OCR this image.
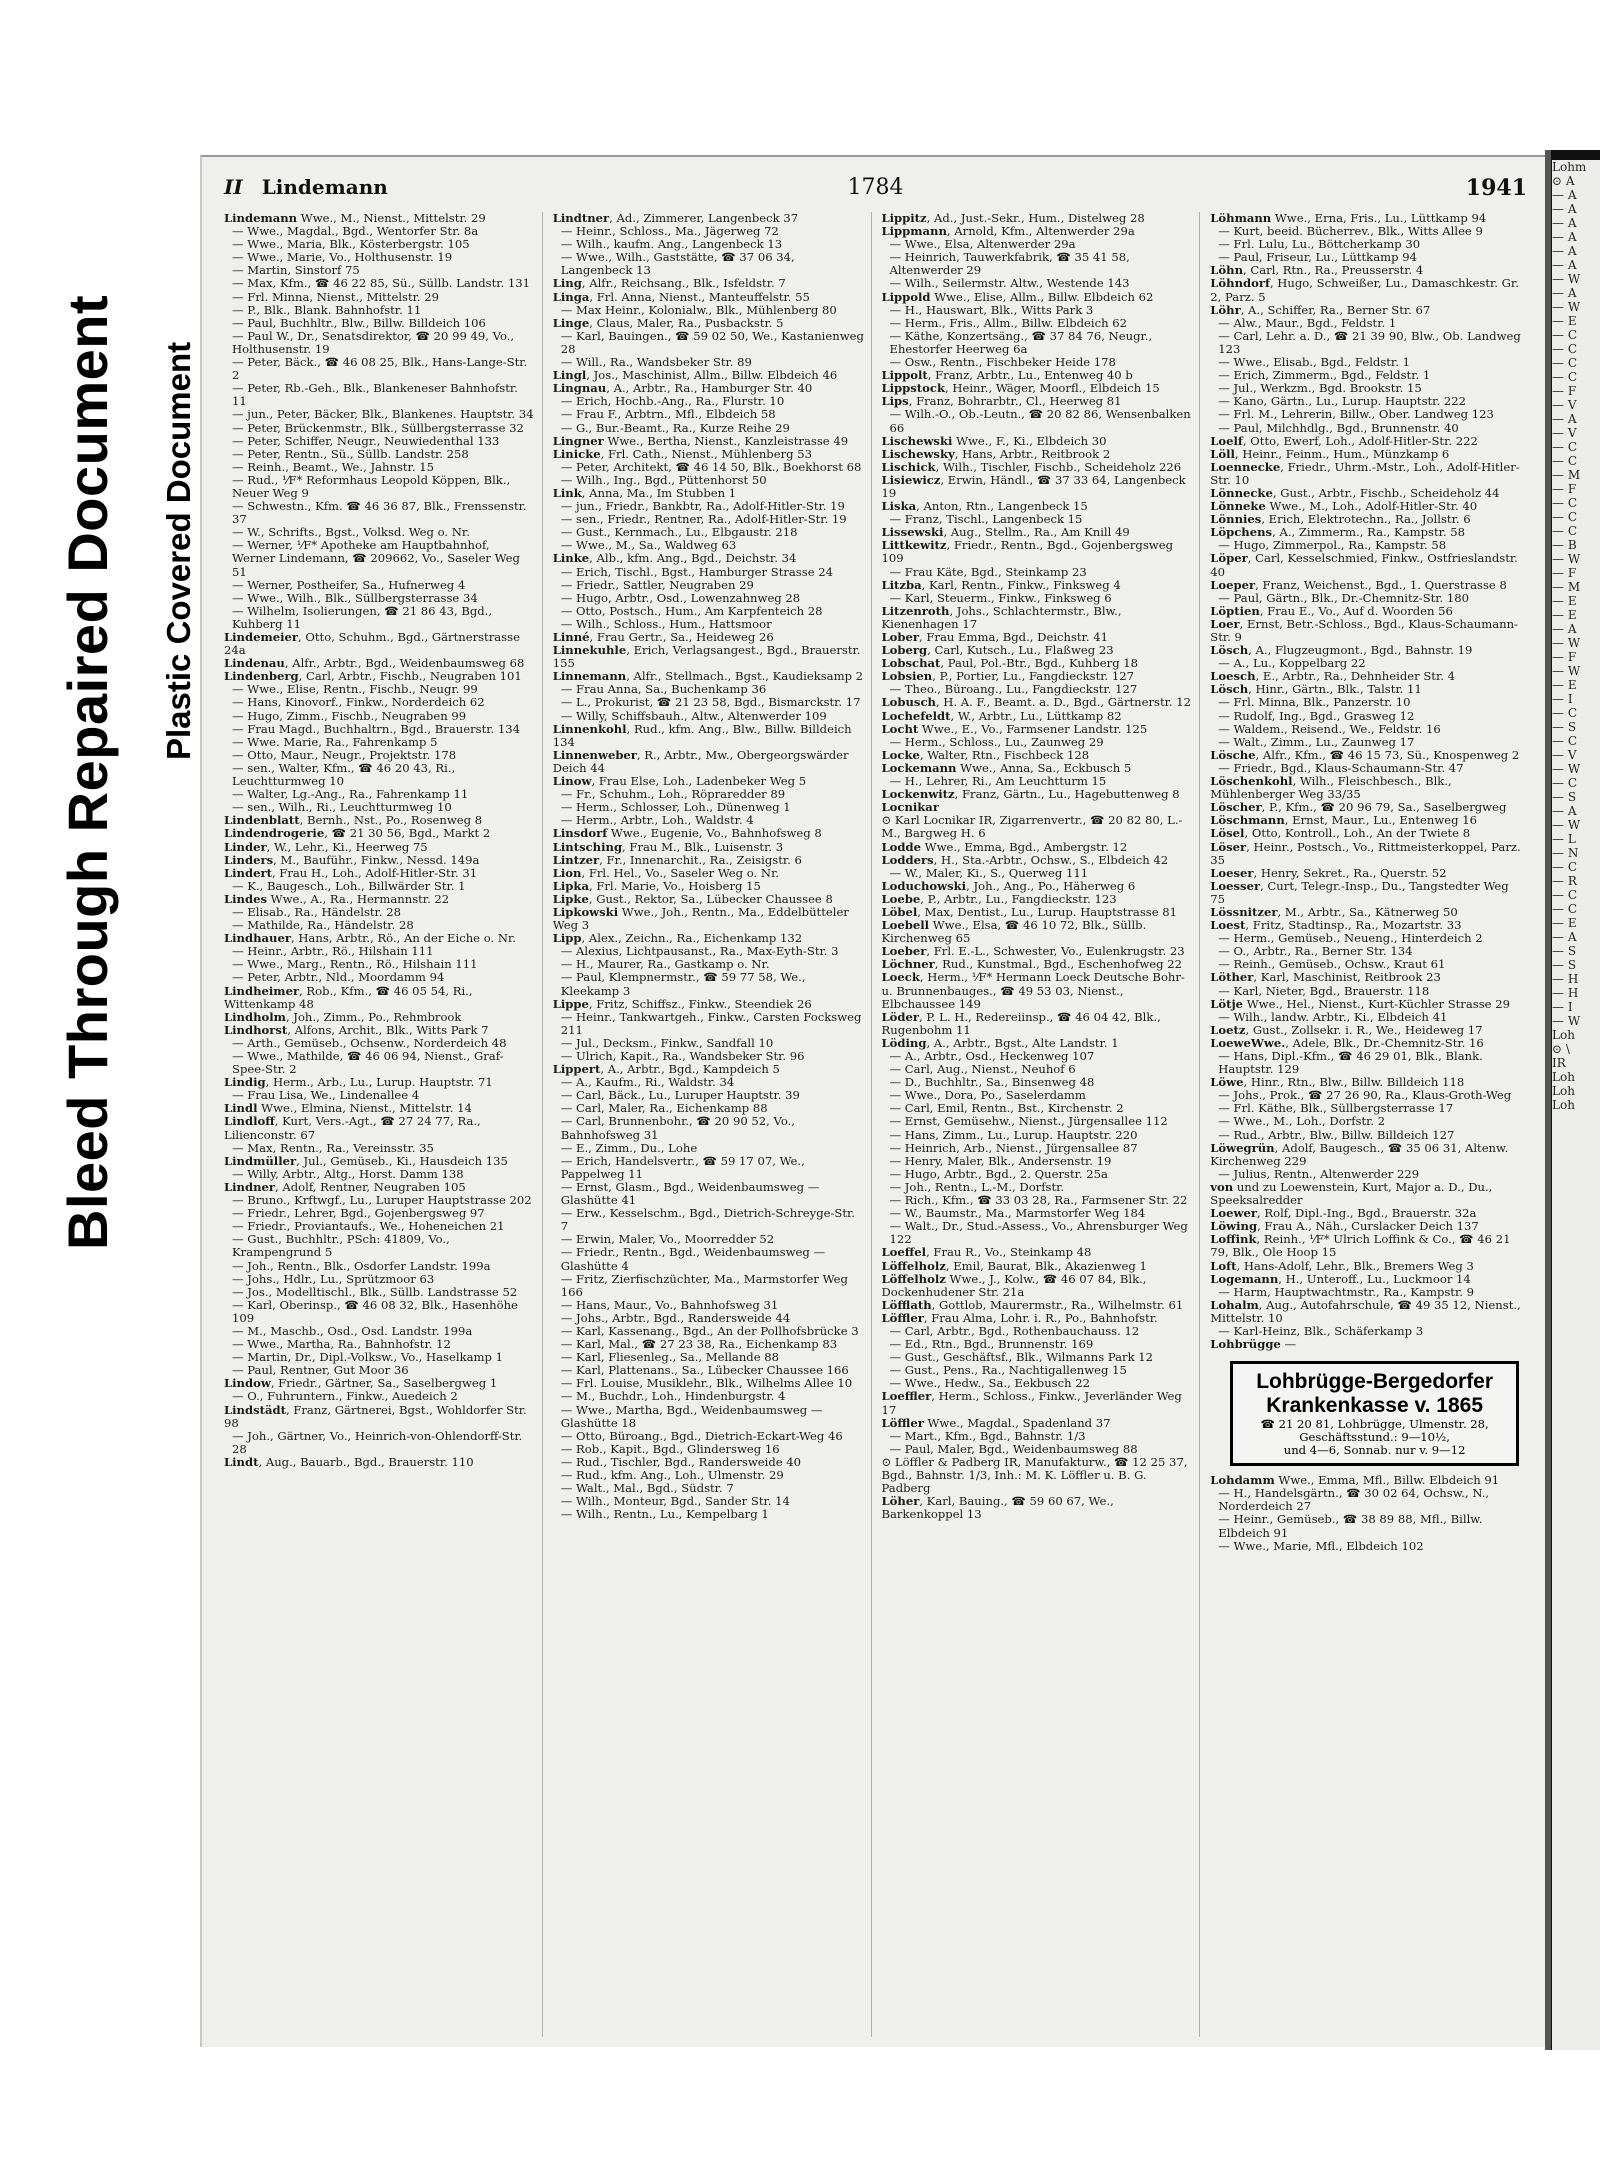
Bleed Through Repaired Document Plastic Covered Document
II Lindemann	1784	1941

Lindemann Wwe., M., Nienst., Mittelstr. 29

— Wwe., Magdal., Bgd., Wentorfer Str. 8a

— Wwe., Maria, Blk., Kösterbergstr. 105

— Wwe., Marie, Vo., Holthusenstr. 19

— Martin, Sinstorf 75

— Max, Kfm., ☎ 46 22 85, Sü., Süllb. Landstr. 131

— Frl. Minna, Nienst., Mittelstr. 29

— P., Blk., Blank. Bahnhofstr. 11

— Paul, Buchhltr., Blw., Billw. Billdeich 106

— Paul W., Dr., Senatsdirektor, ☎ 20 99 49, Vo., Holthusenstr. 19

— Peter, Bäck., ☎ 46 08 25, Blk., Hans-Lange-Str. 2

— Peter, Rb.-Geh., Blk., Blankeneser Bahnhofstr. 11

— jun., Peter, Bäcker, Blk., Blankenes. Hauptstr. 34

— Peter, Brückenmstr., Blk., Süllbergsterrasse 32

— Peter, Schiffer, Neugr., Neuwiedenthal 133

— Peter, Rentn., Sü., Süllb. Landstr. 258

— Reinh., Beamt., We., Jahnstr. 15

— Rud., ⅟F* Reformhaus Leopold Köppen, Blk., Neuer Weg 9

— Schwestn., Kfm. ☎ 46 36 87, Blk., Frenssenstr. 37

— W., Schrifts., Bgst., Volksd. Weg o. Nr.

— Werner, ⅟F* Apotheke am Hauptbahnhof, Werner Lindemann, ☎ 209662, Vo., Saseler Weg 51

— Werner, Postheifer, Sa., Hufnerweg 4

— Wwe., Wilh., Blk., Süllbergsterrasse 34

— Wilhelm, Isolierungen, ☎ 21 86 43, Bgd., Kuhberg 11

Lindemeier, Otto, Schuhm., Bgd., Gärtnerstrasse 24a

Lindenau, Alfr., Arbtr., Bgd., Weidenbaumsweg 68

Lindenberg, Carl, Arbtr., Fischb., Neugraben 101

— Wwe., Elise, Rentn., Fischb., Neugr. 99

— Hans, Kinovorf., Finkw., Norderdeich 62

— Hugo, Zimm., Fischb., Neugraben 99

— Frau Magd., Buchhaltrn., Bgd., Brauerstr. 134

— Wwe. Marie, Ra., Fahrenkamp 5

— Otto, Maur., Neugr., Projektstr. 178

— sen., Walter, Kfm., ☎ 46 20 43, Ri., Leuchtturmweg 10

— Walter, Lg.-Ang., Ra., Fahrenkamp 11

— sen., Wilh., Ri., Leuchtturmweg 10

Lindenblatt, Bernh., Nst., Po., Rosenweg 8

Lindendrogerie, ☎ 21 30 56, Bgd., Markt 2

Linder, W., Lehr., Ki., Heerweg 75

Linders, M., Bauführ., Finkw., Nessd. 149a

Lindert, Frau H., Loh., Adolf-Hitler-Str. 31

— K., Baugesch., Loh., Billwärder Str. 1

Lindes Wwe., A., Ra., Hermannstr. 22

— Elisab., Ra., Händelstr. 28

— Mathilde, Ra., Händelstr. 28

Lindhauer, Hans, Arbtr., Rö., An der Eiche o. Nr.

— Heinr., Arbtr., Rö., Hilshain 111

— Wwe., Marg., Rentn., Rö., Hilshain 111

— Peter, Arbtr., Nld., Moordamm 94

Lindheimer, Rob., Kfm., ☎ 46 05 54, Ri., Wittenkamp 48

Lindholm, Joh., Zimm., Po., Rehmbrook

Lindhorst, Alfons, Archit., Blk., Witts Park 7

— Arth., Gemüseb., Ochsenw., Norderdeich 48

— Wwe., Mathilde, ☎ 46 06 94, Nienst., Graf-Spee-Str. 2

Lindig, Herm., Arb., Lu., Lurup. Hauptstr. 71

— Frau Lisa, We., Lindenallee 4

Lindl Wwe., Elmina, Nienst., Mittelstr. 14

Lindloff, Kurt, Vers.-Agt., ☎ 27 24 77, Ra., Lilienconstr. 67

— Max, Rentn., Ra., Vereinsstr. 35

Lindmüller, Jul., Gemüseb., Ki., Hausdeich 135

— Willy, Arbtr., Altg., Horst. Damm 138

Lindner, Adolf, Rentner, Neugraben 105

— Bruno., Krftwgf., Lu., Luruper Hauptstrasse 202

— Friedr., Lehrer, Bgd., Gojenbergsweg 97

— Friedr., Proviantaufs., We., Hoheneichen 21

— Gust., Buchhltr., PSch: 41809, Vo., Krampengrund 5

— Joh., Rentn., Blk., Osdorfer Landstr. 199a

— Johs., Hdlr., Lu., Sprützmoor 63

— Jos., Modelltischl., Blk., Süllb. Landstrasse 52

— Karl, Oberinsp., ☎ 46 08 32, Blk., Hasenhöhe 109

— M., Maschb., Osd., Osd. Landstr. 199a

— Wwe., Martha, Ra., Bahnhofstr. 12

— Martin, Dr., Dipl.-Volksw., Vo., Haselkamp 1

— Paul, Rentner, Gut Moor 36

Lindow, Friedr., Gärtner, Sa., Saselbergweg 1

— O., Fuhruntern., Finkw., Auedeich 2

Lindstädt, Franz, Gärtnerei, Bgst., Wohldorfer Str. 98

— Joh., Gärtner, Vo., Heinrich-von-Ohlendorff-Str. 28

Lindt, Aug., Bauarb., Bgd., Brauerstr. 110

Lindtner, Ad., Zimmerer, Langenbeck 37

— Heinr., Schloss., Ma., Jägerweg 72

— Wilh., kaufm. Ang., Langenbeck 13

— Wwe., Wilh., Gaststätte, ☎ 37 06 34, Langenbeck 13

Ling, Alfr., Reichsang., Blk., Isfeldstr. 7

Linga, Frl. Anna, Nienst., Manteuffelstr. 55

— Max Heinr., Kolonialw., Blk., Mühlenberg 80

Linge, Claus, Maler, Ra., Pusbackstr. 5

— Karl, Bauingen., ☎ 59 02 50, We., Kastanienweg 28

— Will., Ra., Wandsbeker Str. 89

Lingl, Jos., Maschinist, Allm., Billw. Elbdeich 46

Lingnau, A., Arbtr., Ra., Hamburger Str. 40

— Erich, Hochb.-Ang., Ra., Flurstr. 10

— Frau F., Arbtrn., Mfl., Elbdeich 58

— G., Bur.-Beamt., Ra., Kurze Reihe 29

Lingner Wwe., Bertha, Nienst., Kanzleistrasse 49

Linicke, Frl. Cath., Nienst., Mühlenberg 53

— Peter, Architekt, ☎ 46 14 50, Blk., Boekhorst 68

— Wilh., Ing., Bgd., Püttenhorst 50

Link, Anna, Ma., Im Stubben 1

— jun., Friedr., Bankbtr, Ra., Adolf-Hitler-Str. 19

— sen., Friedr., Rentner, Ra., Adolf-Hitler-Str. 19

— Gust., Kernmach., Lu., Elbgaustr. 218

— Wwe., M., Sa., Waldweg 63

Linke, Alb., kfm. Ang., Bgd., Deichstr. 34

— Erich, Tischl., Bgst., Hamburger Strasse 24

— Friedr., Sattler, Neugraben 29

— Hugo, Arbtr., Osd., Lowenzahnweg 28

— Otto, Postsch., Hum., Am Karpfenteich 28

— Wilh., Schloss., Hum., Hattsmoor

Linné, Frau Gertr., Sa., Heideweg 26

Linnekuhle, Erich, Verlagsangest., Bgd., Brauerstr. 155

Linnemann, Alfr., Stellmach., Bgst., Kaudieksamp 2

— Frau Anna, Sa., Buchenkamp 36

— L., Prokurist, ☎ 21 23 58, Bgd., Bismarckstr. 17

— Willy, Schiffsbauh., Altw., Altenwerder 109

Linnenkohl, Rud., kfm. Ang., Blw., Billw. Billdeich 134

Linnenweber, R., Arbtr., Mw., Obergeorgswärder Deich 44

Linow, Frau Else, Loh., Ladenbeker Weg 5

— Fr., Schuhm., Loh., Röpraredder 89

— Herm., Schlosser, Loh., Dünenweg 1

— Herm., Arbtr., Loh., Waldstr. 4

Linsdorf Wwe., Eugenie, Vo., Bahnhofsweg 8

Lintsching, Frau M., Blk., Luisenstr. 3

Lintzer, Fr., Innenarchit., Ra., Zeisigstr. 6

Lion, Frl. Hel., Vo., Saseler Weg o. Nr.

Lipka, Frl. Marie, Vo., Hoisberg 15

Lipke, Gust., Rektor, Sa., Lübecker Chaussee 8

Lipkowski Wwe., Joh., Rentn., Ma., Eddelbütteler Weg 3

Lipp, Alex., Zeichn., Ra., Eichenkamp 132

— Alexius, Lichtpausanst., Ra., Max-Eyth-Str. 3

— H., Maurer, Ra., Gastkamp o. Nr.

— Paul, Klempnermstr., ☎ 59 77 58, We., Kleekamp 3

Lippe, Fritz, Schiffsz., Finkw., Steendiek 26

— Heinr., Tankwartgeh., Finkw., Carsten Focksweg 211

— Jul., Decksm., Finkw., Sandfall 10

— Ulrich, Kapit., Ra., Wandsbeker Str. 96

Lippert, A., Arbtr., Bgd., Kampdeich 5

— A., Kaufm., Ri., Waldstr. 34

— Carl, Bäck., Lu., Luruper Hauptstr. 39

— Carl, Maler, Ra., Eichenkamp 88

— Carl, Brunnenbohr., ☎ 20 90 52, Vo., Bahnhofsweg 31

— E., Zimm., Du., Lohe

— Erich, Handelsvertr., ☎ 59 17 07, We., Pappelweg 11

— Ernst, Glasm., Bgd., Weidenbaumsweg — Glashütte 41

— Erw., Kesselschm., Bgd., Dietrich-Schreyge-Str. 7

— Erwin, Maler, Vo., Moorredder 52

— Friedr., Rentn., Bgd., Weidenbaumsweg — Glashütte 4

— Fritz, Zierfischzüchter, Ma., Marmstorfer Weg 166

— Hans, Maur., Vo., Bahnhofsweg 31

— Johs., Arbtr., Bgd., Randersweide 44

— Karl, Kassenang., Bgd., An der Pollhofsbrücke 3

— Karl, Mal., ☎ 27 23 38, Ra., Eichenkamp 83

— Karl, Fliesenleg., Sa., Mellande 88

— Karl, Plattenans., Sa., Lübecker Chaussee 166

— Frl. Louise, Musiklehr., Blk., Wilhelms Allee 10

— M., Buchdr., Loh., Hindenburgstr. 4

— Wwe., Martha, Bgd., Weidenbaumsweg — Glashütte 18

— Otto, Büroang., Bgd., Dietrich-Eckart-Weg 46

— Rob., Kapit., Bgd., Glindersweg 16

— Rud., Tischler, Bgd., Randersweide 40

— Rud., kfm. Ang., Loh., Ulmenstr. 29

— Walt., Mal., Bgd., Südstr. 7

— Wilh., Monteur, Bgd., Sander Str. 14

— Wilh., Rentn., Lu., Kempelbarg 1

Lippitz, Ad., Just.-Sekr., Hum., Distelweg 28

Lippmann, Arnold, Kfm., Altenwerder 29a

— Wwe., Elsa, Altenwerder 29a

— Heinrich, Tauwerkfabrik, ☎ 35 41 58, Altenwerder 29

— Wilh., Seilermstr. Altw., Westende 143

Lippold Wwe., Elise, Allm., Billw. Elbdeich 62

— H., Hauswart, Blk., Witts Park 3

— Herm., Fris., Allm., Billw. Elbdeich 62

— Käthe, Konzertsäng., ☎ 37 84 76, Neugr., Ehestorfer Heerweg 6a

— Osw., Rentn., Fischbeker Heide 178

Lippolt, Franz, Arbtr., Lu., Entenweg 40 b

Lippstock, Heinr., Wäger, Moorfl., Elbdeich 15

Lips, Franz, Bohrarbtr., Cl., Heerweg 81

— Wilh.-O., Ob.-Leutn., ☎ 20 82 86, Wensenbalken 66

Lischewski Wwe., F., Ki., Elbdeich 30

Lischewsky, Hans, Arbtr., Reitbrook 2

Lischick, Wilh., Tischler, Fischb., Scheideholz 226

Lisiewicz, Erwin, Händl., ☎ 37 33 64, Langenbeck 19

Liska, Anton, Rtn., Langenbeck 15

— Franz, Tischl., Langenbeck 15

Lissewski, Aug., Stellm., Ra., Am Knill 49

Littkewitz, Friedr., Rentn., Bgd., Gojenbergsweg 109

— Frau Käte, Bgd., Steinkamp 23

Litzba, Karl, Rentn., Finkw., Finksweg 4

— Karl, Steuerm., Finkw., Finksweg 6

Litzenroth, Johs., Schlachtermstr., Blw., Kienenhagen 17

Lober, Frau Emma, Bgd., Deichstr. 41

Loberg, Carl, Kutsch., Lu., Flaßweg 23

Lobschat, Paul, Pol.-Btr., Bgd., Kuhberg 18

Lobsien, P., Portier, Lu., Fangdieckstr. 127

— Theo., Büroang., Lu., Fangdieckstr. 127

Lobusch, H. A. F., Beamt. a. D., Bgd., Gärtnerstr. 12

Lochefeldt, W., Arbtr., Lu., Lüttkamp 82

Locht Wwe., E., Vo., Farmsener Landstr. 125

— Herm., Schloss., Lu., Zaunweg 29

Locke, Walter, Rtn., Fischbeck 128

Lockemann Wwe., Anna, Sa., Eckbusch 5

— H., Lehrer, Ri., Am Leuchtturm 15

Lockenwitz, Franz, Gärtn., Lu., Hagebuttenweg 8

Locnikar

⊙ Karl Locnikar IR, Zigarrenvertr., ☎ 20 82 80, L.-M., Bargweg H. 6

Lodde Wwe., Emma, Bgd., Ambergstr. 12

Lodders, H., Sta.-Arbtr., Ochsw., S., Elbdeich 42

— W., Maler, Ki., S., Querweg 111

Loduchowski, Joh., Ang., Po., Häherweg 6

Loebe, P., Arbtr., Lu., Fangdieckstr. 123

Löbel, Max, Dentist., Lu., Lurup. Hauptstrasse 81

Loebell Wwe., Elsa, ☎ 46 10 72, Blk., Süllb. Kirchenweg 65

Loeber, Frl. E.-L., Schwester, Vo., Eulenkrugstr. 23

Löchner, Rud., Kunstmal., Bgd., Eschenhofweg 22

Loeck, Herm., ⅟F* Hermann Loeck Deutsche Bohr- u. Brunnenbauges., ☎ 49 53 03, Nienst., Elbchaussee 149

Löder, P. L. H., Redereiinsp., ☎ 46 04 42, Blk., Rugenbohm 11

Löding, A., Arbtr., Bgst., Alte Landstr. 1

— A., Arbtr., Osd., Heckenweg 107

— Carl, Aug., Nienst., Neuhof 6

— D., Buchhltr., Sa., Binsenweg 48

— Wwe., Dora, Po., Saselerdamm

— Carl, Emil, Rentn., Bst., Kirchenstr. 2

— Ernst, Gemüsehw., Nienst., Jürgensallee 112

— Hans, Zimm., Lu., Lurup. Hauptstr. 220

— Heinrich, Arb., Nienst., Jürgensallee 87

— Henry, Maler, Blk., Andersenstr. 19

— Hugo, Arbtr., Bgd., 2. Querstr. 25a

— Joh., Rentn., L.-M., Dorfstr.

— Rich., Kfm., ☎ 33 03 28, Ra., Farmsener Str. 22

— W., Baumstr., Ma., Marmstorfer Weg 184

— Walt., Dr., Stud.-Assess., Vo., Ahrensburger Weg 122

Loeffel, Frau R., Vo., Steinkamp 48

Löffelholz, Emil, Baurat, Blk., Akazienweg 1

Löffelholz Wwe., J., Kolw., ☎ 46 07 84, Blk., Dockenhudener Str. 21a

Löfflath, Gottlob, Maurermstr., Ra., Wilhelmstr. 61

Löffler, Frau Alma, Lohr. i. R., Po., Bahnhofstr.

— Carl, Arbtr., Bgd., Rothenbauchauss. 12

— Ed., Rtn., Bgd., Brunnenstr. 169

— Gust., Geschäftsf., Blk., Wilmanns Park 12

— Gust., Pens., Ra., Nachtigallenweg 15

— Wwe., Hedw., Sa., Eekbusch 22

Loeffler, Herm., Schloss., Finkw., Jeverländer Weg 17

Löffler Wwe., Magdal., Spadenland 37

— Mart., Kfm., Bgd., Bahnstr. 1/3

— Paul, Maler, Bgd., Weidenbaumsweg 88

⊙ Löffler & Padberg IR, Manufakturw., ☎ 12 25 37, Bgd., Bahnstr. 1/3, Inh.: M. K. Löffler u. B. G. Padberg

Löher, Karl, Bauing., ☎ 59 60 67, We., Barkenkoppel 13

Löhmann Wwe., Erna, Fris., Lu., Lüttkamp 94

— Kurt, beeid. Bücherrev., Blk., Witts Allee 9

— Frl. Lulu, Lu., Böttcherkamp 30

— Paul, Friseur, Lu., Lüttkamp 94

Löhn, Carl, Rtn., Ra., Preusserstr. 4

Löhndorf, Hugo, Schweißer, Lu., Damaschkestr. Gr. 2, Parz. 5

Löhr, A., Schiffer, Ra., Berner Str. 67

— Alw., Maur., Bgd., Feldstr. 1

— Carl, Lehr. a. D., ☎ 21 39 90, Blw., Ob. Landweg 123

— Wwe., Elisab., Bgd., Feldstr. 1

— Erich, Zimmerm., Bgd., Feldstr. 1

— Jul., Werkzm., Bgd. Brookstr. 15

— Kano, Gärtn., Lu., Lurup. Hauptstr. 222

— Frl. M., Lehrerin, Billw., Ober. Landweg 123

— Paul, Milchhdlg., Bgd., Brunnenstr. 40

Loelf, Otto, Ewerf, Loh., Adolf-Hitler-Str. 222

Löll, Heinr., Feinm., Hum., Münzkamp 6

Loennecke, Friedr., Uhrm.-Mstr., Loh., Adolf-Hitler-Str. 10

Lönnecke, Gust., Arbtr., Fischb., Scheideholz 44

Lönneke Wwe., M., Loh., Adolf-Hitler-Str. 40

Lönnies, Erich, Elektrotechn., Ra., Jollstr. 6

Löpchens, A., Zimmerm., Ra., Kampstr. 58

— Hugo, Zimmerpol., Ra., Kampstr. 58

Löper, Carl, Kesselschmied, Finkw., Ostfrieslandstr. 40

Loeper, Franz, Weichenst., Bgd., 1. Querstrasse 8

— Paul, Gärtn., Blk., Dr.-Chemnitz-Str. 180

Löptien, Frau E., Vo., Auf d. Woorden 56

Loer, Ernst, Betr.-Schloss., Bgd., Klaus-Schaumann-Str. 9

Lösch, A., Flugzeugmont., Bgd., Bahnstr. 19

— A., Lu., Koppelbarg 22

Loesch, E., Arbtr., Ra., Dehnheider Str. 4

Lösch, Hinr., Gärtn., Blk., Talstr. 11

— Frl. Minna, Blk., Panzerstr. 10

— Rudolf, Ing., Bgd., Grasweg 12

— Waldem., Reisend., We., Feldstr. 16

— Walt., Zimm., Lu., Zaunweg 17

Lösche, Alfr., Kfm., ☎ 46 15 73, Sü., Knospenweg 2

— Friedr., Bgd., Klaus-Schaumann-Str. 47

Löschenkohl, Wilh., Fleischbesch., Blk., Mühlenberger Weg 33/35

Löscher, P., Kfm., ☎ 20 96 79, Sa., Saselbergweg

Löschmann, Ernst, Maur., Lu., Entenweg 16

Lösel, Otto, Kontroll., Loh., An der Twiete 8

Löser, Heinr., Postsch., Vo., Rittmeisterkoppel, Parz. 35

Loeser, Henry, Sekret., Ra., Querstr. 52

Loesser, Curt, Telegr.-Insp., Du., Tangstedter Weg 75

Lössnitzer, M., Arbtr., Sa., Kätnerweg 50

Loest, Fritz, Stadtinsp., Ra., Mozartstr. 33

— Herm., Gemüseb., Neueng., Hinterdeich 2

— O., Arbtr., Ra., Berner Str. 134

— Reinh., Gemüseb., Ochsw., Kraut 61

Löther, Karl, Maschinist, Reitbrook 23

— Karl, Nieter, Bgd., Brauerstr. 118

Lötje Wwe., Hel., Nienst., Kurt-Küchler Strasse 29

— Wilh., landw. Arbtr., Ki., Elbdeich 41

Loetz, Gust., Zollsekr. i. R., We., Heideweg 17

LoeweWwe., Adele, Blk., Dr.-Chemnitz-Str. 16

— Hans, Dipl.-Kfm., ☎ 46 29 01, Blk., Blank. Hauptstr. 129

Löwe, Hinr., Rtn., Blw., Billw. Billdeich 118

— Johs., Prok., ☎ 27 26 90, Ra., Klaus-Groth-Weg

— Frl. Käthe, Blk., Süllbergsterrasse 17

— Wwe., M., Loh., Dorfstr. 2

— Rud., Arbtr., Blw., Billw. Billdeich 127

Löwegrün, Adolf, Baugesch., ☎ 35 06 31, Altenw. Kirchenweg 229

— Julius, Rentn., Altenwerder 229

von und zu Loewenstein, Kurt, Major a. D., Du., Speeksalredder

Loewer, Rolf, Dipl.-Ing., Bgd., Brauerstr. 32a

Löwing, Frau A., Näh., Curslacker Deich 137

Loffink, Reinh., ⅟F* Ulrich Loffink & Co., ☎ 46 21 79, Blk., Ole Hoop 15

Loft, Hans-Adolf, Lehr., Blk., Bremers Weg 3

Logemann, H., Unteroff., Lu., Luckmoor 14

— Harm, Hauptwachtmstr., Ra., Kampstr. 9

Lohalm, Aug., Autofahrschule, ☎ 49 35 12, Nienst., Mittelstr. 10

— Karl-Heinz, Blk., Schäferkamp 3

Lohbrügge —

Lohbrügge-Bergedorfer
Krankenkasse v. 1865
☎ 21 20 81, Lohbrügge, Ulmenstr. 28, Geschäftsstund.: 9—10½,
und 4—6, Sonnab. nur v. 9—12

Lohdamm Wwe., Emma, Mfl., Billw. Elbdeich 91

— H., Handelsgärtn., ☎ 30 02 64, Ochsw., N., Norderdeich 27

— Heinr., Gemüseb., ☎ 38 89 88, Mfl., Billw. Elbdeich 91

— Wwe., Marie, Mfl., Elbdeich 102

Lohm
⊙ A
— A
— A
— A
— A
— A
— A
— W
— A
— W
— E
— C
— C
— C
— C
— F
— V
— A
— V
— C
— C
— M
— F
— C
— C
— C
— B
— W
— F
— M
— E
— E
— A
— W
— F
— W
— E
— I
— C
— S
— C
— V
— W
— C
— S
— A
— W
— L
— N
— C
— R
— C
— C
— E
— A
— S
— S
— H
— H
— I
— W
Loh
⊙ \
IR
Loh
Loh
Loh
